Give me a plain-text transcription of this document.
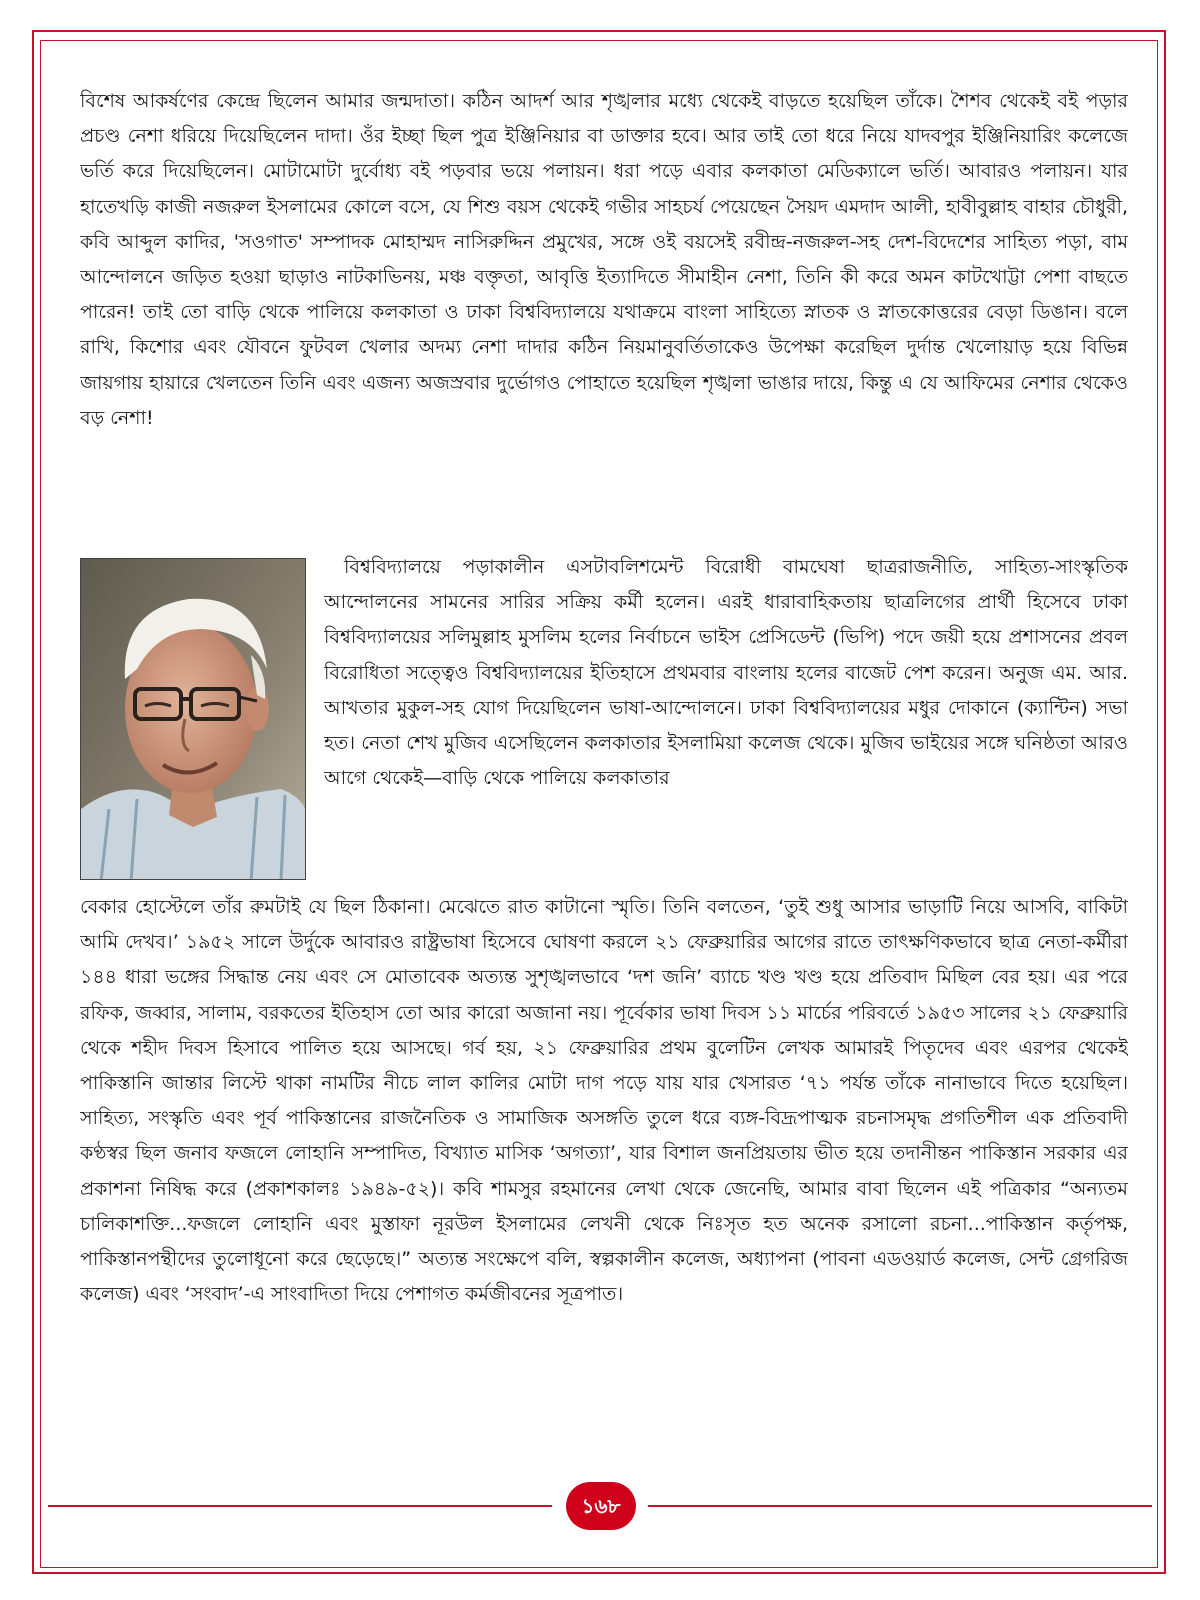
বিশেষ আকর্ষণের কেন্দ্রে ছিলেন আমার জন্মদাতা। কঠিন আদর্শ আর শৃঙ্খলার মধ্যে থেকেই বাড়তে হয়েছিল তাঁকে। শৈশব থেকেই বই পড়ার প্রচণ্ড নেশা ধরিয়ে দিয়েছিলেন দাদা। ওঁর ইচ্ছা ছিল পুত্র ইঞ্জিনিয়ার বা ডাক্তার হবে। আর তাই তো ধরে নিয়ে যাদবপুর ইঞ্জিনিয়ারিং কলেজে ভর্তি করে দিয়েছিলেন। মোটামোটা দুর্বোধ্য বই পড়বার ভয়ে পলায়ন। ধরা পড়ে এবার কলকাতা মেডিক্যালে ভর্তি। আবারও পলায়ন। যার হাতেখড়ি কাজী নজরুল ইসলামের কোলে বসে, যে শিশু বয়স থেকেই গভীর সাহচর্য পেয়েছেন সৈয়দ এমদাদ আলী, হাবীবুল্লাহ বাহার চৌধুরী, কবি আব্দুল কাদির, 'সওগাত' সম্পাদক মোহাম্মদ নাসিরুদ্দিন প্রমুখের, সঙ্গে ওই বয়সেই রবীন্দ্র-নজরুল-সহ দেশ-বিদেশের সাহিত্য পড়া, বাম আন্দোলনে জড়িত হওয়া ছাড়াও নাটকাভিনয়, মঞ্চ বক্তৃতা, আবৃত্তি ইত্যাদিতে সীমাহীন নেশা, তিনি কী করে অমন কাটখোট্টা পেশা বাছতে পারেন! তাই তো বাড়ি থেকে পালিয়ে কলকাতা ও ঢাকা বিশ্ববিদ্যালয়ে যথাক্রমে বাংলা সাহিত্যে স্নাতক ও স্নাতকোত্তরের বেড়া ডিঙান। বলে রাখি, কিশোর এবং যৌবনে ফুটবল খেলার অদম্য নেশা দাদার কঠিন নিয়মানুবর্তিতাকেও উপেক্ষা করেছিল দুর্দান্ত খেলোয়াড় হয়ে বিভিন্ন জায়গায় হায়ারে খেলতেন তিনি এবং এজন্য অজস্রবার দুর্ভোগও পোহাতে হয়েছিল শৃঙ্খলা ভাঙার দায়ে, কিন্তু এ যে আফিমের নেশার থেকেও বড় নেশা!

বিশ্ববিদ্যালয়ে পড়াকালীন এসটাবলিশমেন্ট বিরোধী বামঘেষা ছাত্ররাজনীতি, সাহিত্য-সাংস্কৃতিক আন্দোলনের সামনের সারির সক্রিয় কর্মী হলেন। এরই ধারাবাহিকতায় ছাত্রলিগের প্রার্থী হিসেবে ঢাকা বিশ্ববিদ্যালয়ের সলিমুল্লাহ মুসলিম হলের নির্বাচনে ভাইস প্রেসিডেন্ট (ভিপি) পদে জয়ী হয়ে প্রশাসনের প্রবল বিরোধিতা সত্ত্বেও বিশ্ববিদ্যালয়ের ইতিহাসে প্রথমবার বাংলায় হলের বাজেট পেশ করেন। অনুজ এম. আর. আখতার মুকুল-সহ যোগ দিয়েছিলেন ভাষা-আন্দোলনে। ঢাকা বিশ্ববিদ্যালয়ের মধুর দোকানে (ক্যান্টিন) সভা হত। নেতা শেখ মুজিব এসেছিলেন কলকাতার ইসলামিয়া কলেজ থেকে। মুজিব ভাইয়ের সঙ্গে ঘনিষ্ঠতা আরও আগে থেকেই—বাড়ি থেকে পালিয়ে কলকাতার

বেকার হোস্টেলে তাঁর রুমটাই যে ছিল ঠিকানা। মেঝেতে রাত কাটানো স্মৃতি। তিনি বলতেন, ‘তুই শুধু আসার ভাড়াটি নিয়ে আসবি, বাকিটা আমি দেখব।’ ১৯৫২ সালে উর্দুকে আবারও রাষ্ট্রভাষা হিসেবে ঘোষণা করলে ২১ ফেব্রুয়ারির আগের রাতে তাৎক্ষণিকভাবে ছাত্র নেতা-কর্মীরা ১৪৪ ধারা ভঙ্গের সিদ্ধান্ত নেয় এবং সে মোতাবেক অত্যন্ত সুশৃঙ্খলভাবে ‘দশ জনি’ ব্যাচে খণ্ড খণ্ড হয়ে প্রতিবাদ মিছিল বের হয়। এর পরে রফিক, জব্বার, সালাম, বরকতের ইতিহাস তো আর কারো অজানা নয়। পূর্বেকার ভাষা দিবস ১১ মার্চের পরিবর্তে ১৯৫৩ সালের ২১ ফেব্রুয়ারি থেকে শহীদ দিবস হিসাবে পালিত হয়ে আসছে। গর্ব হয়, ২১ ফেব্রুয়ারির প্রথম বুলেটিন লেখক আমারই পিতৃদেব এবং এরপর থেকেই পাকিস্তানি জান্তার লিস্টে থাকা নামটির নীচে লাল কালির মোটা দাগ পড়ে যায় যার খেসারত ‘৭১ পর্যন্ত তাঁকে নানাভাবে দিতে হয়েছিল। সাহিত্য, সংস্কৃতি এবং পূর্ব পাকিস্তানের রাজনৈতিক ও সামাজিক অসঙ্গতি তুলে ধরে ব্যঙ্গ-বিদ্রূপাত্মক রচনাসমৃদ্ধ প্রগতিশীল এক প্রতিবাদী কণ্ঠস্বর ছিল জনাব ফজলে লোহানি সম্পাদিত, বিখ্যাত মাসিক ‘অগত্যা’, যার বিশাল জনপ্রিয়তায় ভীত হয়ে তদানীন্তন পাকিস্তান সরকার এর প্রকাশনা নিষিদ্ধ করে (প্রকাশকালঃ ১৯৪৯-৫২)। কবি শামসুর রহমানের লেখা থেকে জেনেছি, আমার বাবা ছিলেন এই পত্রিকার “অন্যতম চালিকাশক্তি...ফজলে লোহানি এবং মুস্তাফা নূরউল ইসলামের লেখনী থেকে নিঃসৃত হত অনেক রসালো রচনা...পাকিস্তান কর্তৃপক্ষ, পাকিস্তানপন্থীদের তুলোধূনো করে ছেড়েছে।” অত্যন্ত সংক্ষেপে বলি, স্বল্পকালীন কলেজ, অধ্যাপনা (পাবনা এডওয়ার্ড কলেজ, সেন্ট গ্রেগরিজ কলেজ) এবং ‘সংবাদ’-এ সাংবাদিতা দিয়ে পেশাগত কর্মজীবনের সূত্রপাত।

১৬৮
